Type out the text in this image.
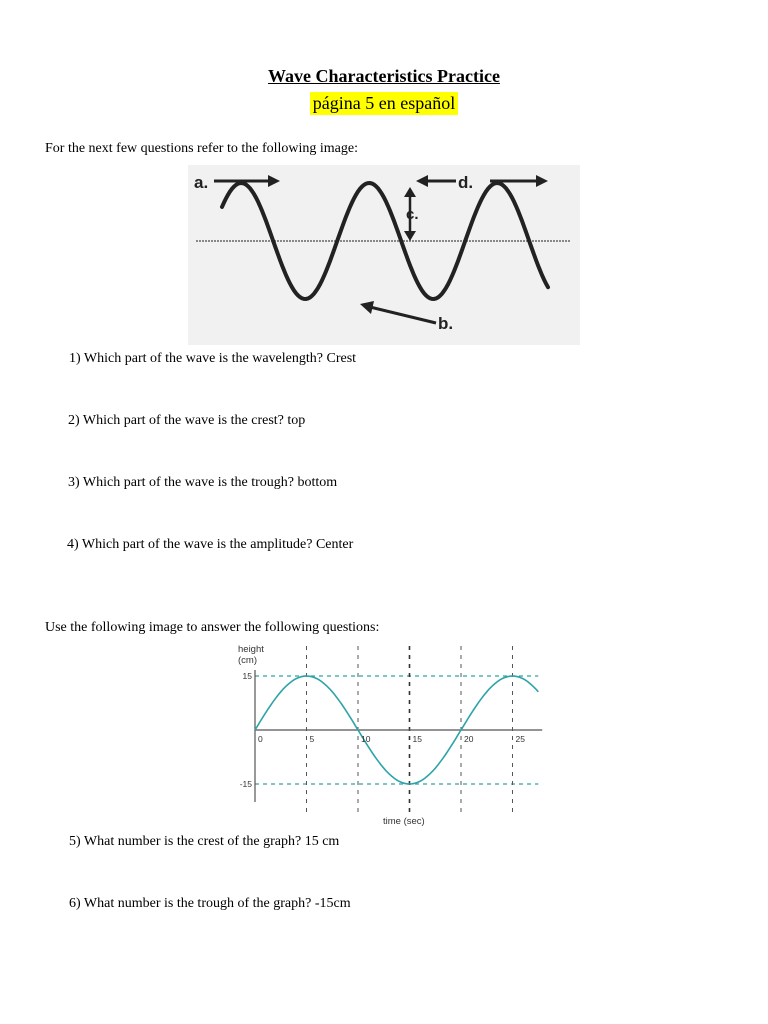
Wave Characteristics Practice
página 5 en español
For the next few questions refer to the following image:
a.	d.
c.
b.
1) Which part of the wave is the wavelength? Crest
2) Which part of the wave is the crest? top
3) Which part of the wave is the trough? bottom
4) Which part of the wave is the amplitude? Center
Use the following image to answer the following questions:
0	5	10	15	20	25
15
-15
height
(cm)
time (sec)
5) What number is the crest of the graph? 15 cm
6) What number is the trough of the graph? -15cm
